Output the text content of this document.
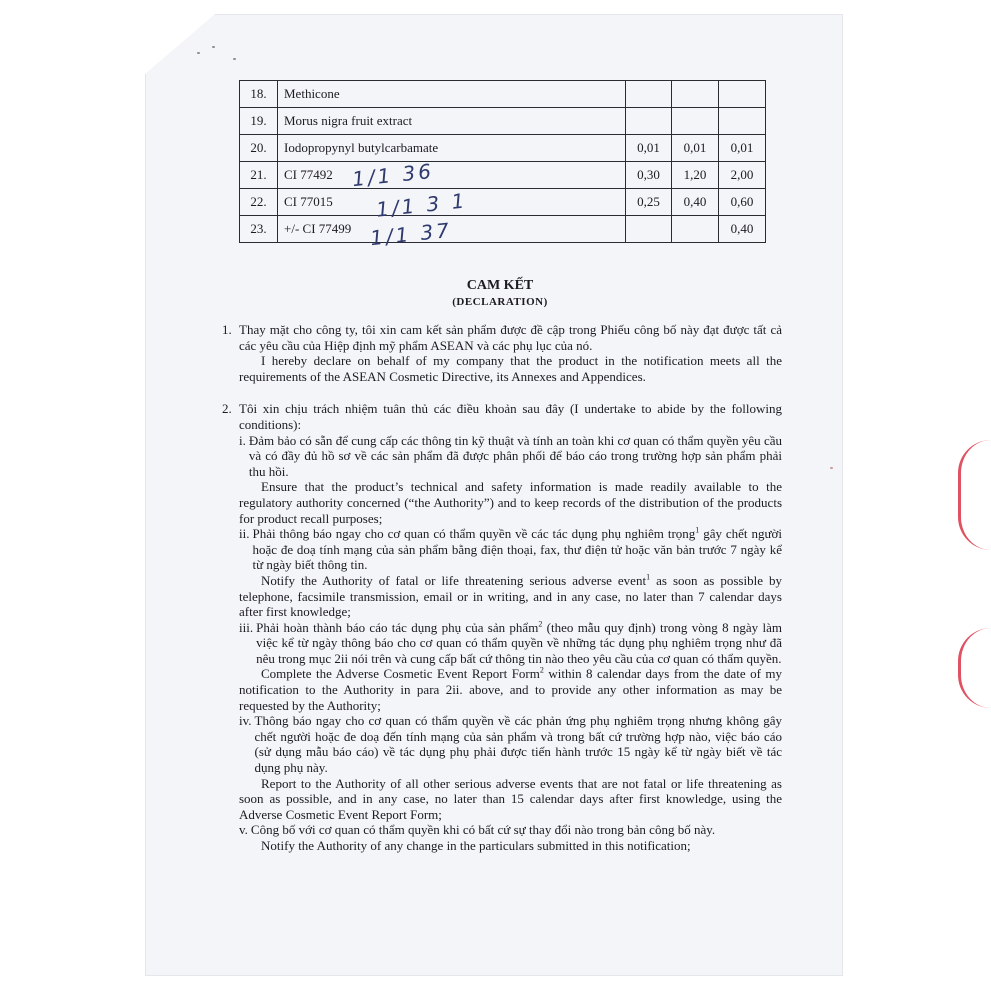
18.	Methicone			
19.	Morus nigra fruit extract			
20.	Iodopropynyl butylcarbamate	0,01	0,01	0,01
21.	CI 77492	0,30	1,20	2,00
22.	CI 77015	0,25	0,40	0,60
23.	+/- CI 77499			0,40
1/1 36
1/1 3 1
1/1 37
CAM KẾT
(DECLARATION)
1. Thay mặt cho công ty, tôi xin cam kết sản phẩm được đề cập trong Phiếu công bố này đạt được tất cả các yêu cầu của Hiệp định mỹ phẩm ASEAN và các phụ lục của nó.

I hereby declare on behalf of my company that the product in the notification meets all the requirements of the ASEAN Cosmetic Directive, its Annexes and Appendices.

2. Tôi xin chịu trách nhiệm tuân thủ các điều khoản sau đây (I undertake to abide by the following conditions):

i. Đảm bảo có sẵn để cung cấp các thông tin kỹ thuật và tính an toàn khi cơ quan có thẩm quyền yêu cầu và có đầy đủ hồ sơ về các sản phẩm đã được phân phối để báo cáo trong trường hợp sản phẩm phải thu hồi.

Ensure that the product’s technical and safety information is made readily available to the regulatory authority concerned (“the Authority”) and to keep records of the distribution of the products for product recall purposes;

ii. Phải thông báo ngay cho cơ quan có thẩm quyền về các tác dụng phụ nghiêm trọng$^1$ gây chết người hoặc đe doạ tính mạng của sản phẩm bằng điện thoại, fax, thư điện tử hoặc văn bản trước 7 ngày kể từ ngày biết thông tin.

Notify the Authority of fatal or life threatening serious adverse event$^1$ as soon as possible by telephone, facsimile transmission, email or in writing, and in any case, no later than 7 calendar days after first knowledge;

iii. Phải hoàn thành báo cáo tác dụng phụ của sản phẩm$^2$ (theo mẫu quy định) trong vòng 8 ngày làm việc kể từ ngày thông báo cho cơ quan có thẩm quyền về những tác dụng phụ nghiêm trọng như đã nêu trong mục 2ii nói trên và cung cấp bất cứ thông tin nào theo yêu cầu của cơ quan có thẩm quyền.

Complete the Adverse Cosmetic Event Report Form$^2$ within 8 calendar days from the date of my notification to the Authority in para 2ii. above, and to provide any other information as may be requested by the Authority;

iv. Thông báo ngay cho cơ quan có thẩm quyền về các phản ứng phụ nghiêm trọng nhưng không gây chết người hoặc đe doạ đến tính mạng của sản phẩm và trong bất cứ trường hợp nào, việc báo cáo (sử dụng mẫu báo cáo) về tác dụng phụ phải được tiến hành trước 15 ngày kể từ ngày biết về tác dụng phụ này.

Report to the Authority of all other serious adverse events that are not fatal or life threatening as soon as possible, and in any case, no later than 15 calendar days after first knowledge, using the Adverse Cosmetic Event Report Form;

v. Công bố với cơ quan có thẩm quyền khi có bất cứ sự thay đổi nào trong bản công bố này.

Notify the Authority of any change in the particulars submitted in this notification;
